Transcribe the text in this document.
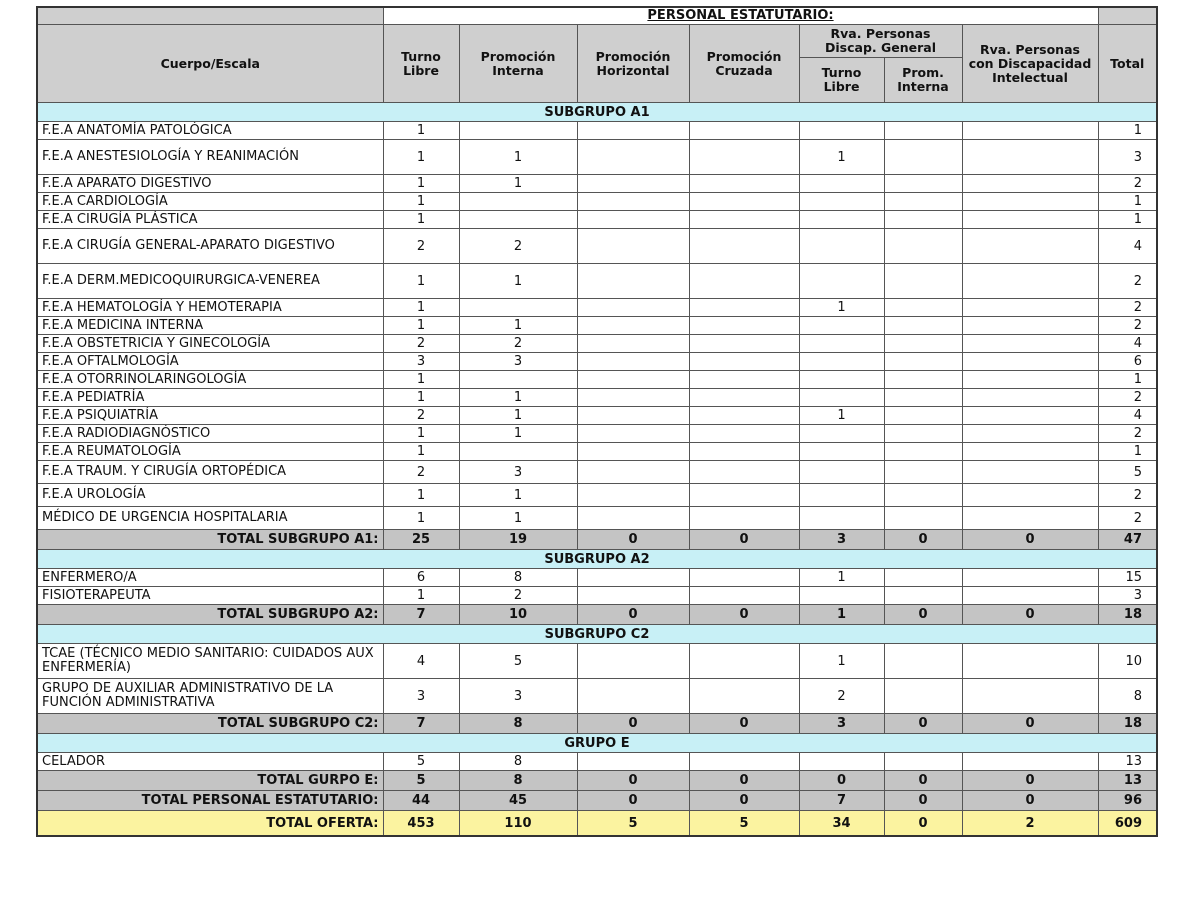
	PERSONAL ESTATUTARIO:							
Cuerpo/Escala	Turno Libre	Promoción Interna	Promoción Horizontal	Promoción Cruzada	Rva. Personas Discap. General		Rva. Personas con Discapacidad Intelectual	Total
					Turno Libre	Prom. Interna		
SUBGRUPO A1								
F.E.A ANATOMÍA PATOLÓGICA	1							1
F.E.A ANESTESIOLOGÍA Y REANIMACIÓN	1	1			1			3
F.E.A APARATO DIGESTIVO	1	1						2
F.E.A CARDIOLOGÍA	1							1
F.E.A CIRUGÍA PLÁSTICA	1							1
F.E.A CIRUGÍA GENERAL-APARATO DIGESTIVO	2	2						4
F.E.A DERM.MEDICOQUIRURGICA-VENEREA	1	1						2
F.E.A HEMATOLOGÍA Y HEMOTERAPIA	1				1			2
F.E.A MEDICINA INTERNA	1	1						2
F.E.A OBSTETRICIA Y GINECOLOGÍA	2	2						4
F.E.A OFTALMOLOGÍA	3	3						6
F.E.A OTORRINOLARINGOLOGÍA	1							1
F.E.A PEDIATRÍA	1	1						2
F.E.A PSIQUIATRÍA	2	1			1			4
F.E.A RADIODIAGNÓSTICO	1	1						2
F.E.A REUMATOLOGÍA	1							1
F.E.A TRAUM. Y CIRUGÍA ORTOPÉDICA	2	3						5
F.E.A UROLOGÍA	1	1						2
MÉDICO DE URGENCIA HOSPITALARIA	1	1						2
TOTAL SUBGRUPO A1:	25	19	0	0	3	0	0	47
SUBGRUPO A2								
ENFERMERO/A	6	8			1			15
FISIOTERAPEUTA	1	2						3
TOTAL SUBGRUPO A2:	7	10	0	0	1	0	0	18
SUBGRUPO C2								
TCAE (TÉCNICO MEDIO SANITARIO: CUIDADOS AUX ENFERMERÍA)	4	5			1			10
GRUPO DE AUXILIAR ADMINISTRATIVO DE LA FUNCIÓN ADMINISTRATIVA	3	3			2			8
TOTAL SUBGRUPO C2:	7	8	0	0	3	0	0	18
GRUPO E								
CELADOR	5	8						13
TOTAL GURPO E:	5	8	0	0	0	0	0	13
TOTAL PERSONAL ESTATUTARIO:	44	45	0	0	7	0	0	96
TOTAL OFERTA:	453	110	5	5	34	0	2	609
